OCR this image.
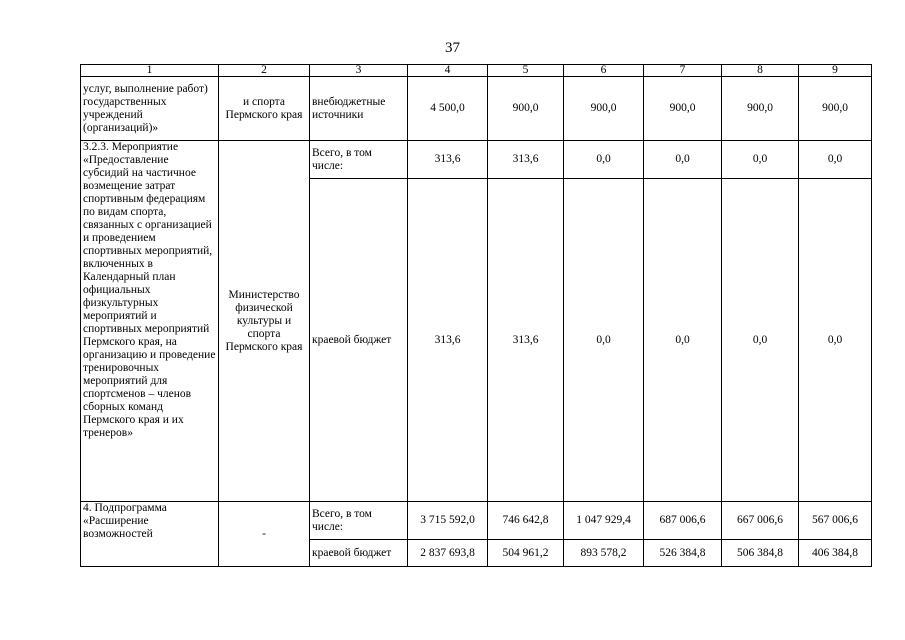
37
1	2	3	4	5	6	7	8	9
услуг, выполнение работ) государственных учреждений (организаций)»	и спорта Пермского края	внебюджетные источники	4 500,0	900,0	900,0	900,0	900,0	900,0
3.2.3. Мероприятие «Предоставление субсидий на частичное возмещение затрат спортивным федерациям по видам спорта, связанных с организацией и проведением спортивных мероприятий, включенных в Календарный план официальных физкультурных мероприятий и спортивных мероприятий Пермского края, на организацию и проведение тренировочных мероприятий для спортсменов – членов сборных команд Пермского края и их тренеров»	Министерство физической культуры и спорта Пермского края	Всего, в том числе:	313,6	313,6	0,0	0,0	0,0	0,0
		краевой бюджет	313,6	313,6	0,0	0,0	0,0	0,0
4. Подпрограмма «Расширение возможностей	-	Всего, в том числе:	3 715 592,0	746 642,8	1 047 929,4	687 006,6	667 006,6	567 006,6
		краевой бюджет	2 837 693,8	504 961,2	893 578,2	526 384,8	506 384,8	406 384,8
